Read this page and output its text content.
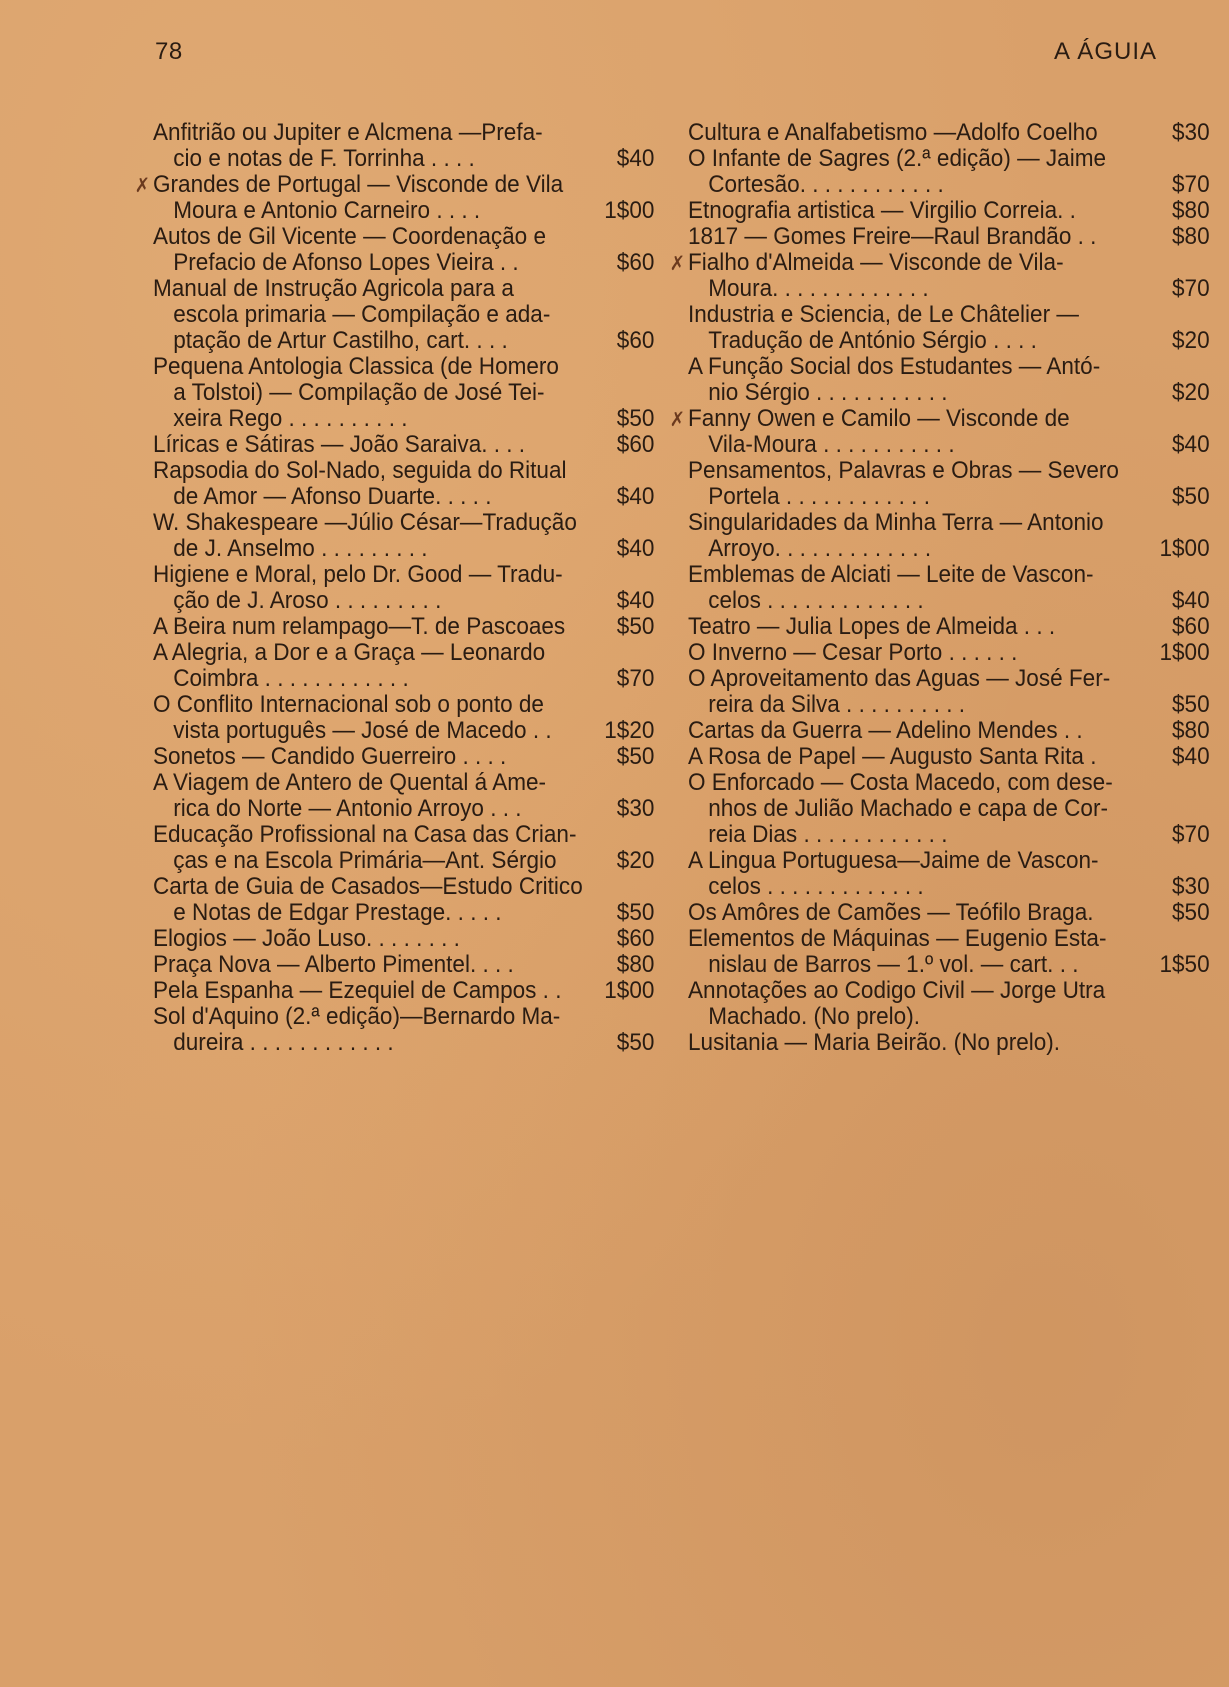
78	A ÁGUIA
Anfitrião ou Jupiter e Alcmena —Prefa-
cio e notas de F. Torrinha . . . .	$40
✗ Grandes de Portugal — Visconde de Vila
Moura e Antonio Carneiro . . . .	1$00
Autos de Gil Vicente — Coordenação e
Prefacio de Afonso Lopes Vieira . .	$60
Manual de Instrução Agricola para a
escola primaria — Compilação e ada-
ptação de Artur Castilho, cart. . . .	$60
Pequena Antologia Classica (de Homero
a Tolstoi) — Compilação de José Tei-
xeira Rego . . . . . . . . . .	$50
Líricas e Sátiras — João Saraiva. . . .	$60
Rapsodia do Sol-Nado, seguida do Ritual
de Amor — Afonso Duarte. . . . .	$40
W. Shakespeare —Júlio César—Tradução
de J. Anselmo . . . . . . . . .	$40
Higiene e Moral, pelo Dr. Good — Tradu-
ção de J. Aroso . . . . . . . . .	$40
A Beira num relampago—T. de Pascoaes $50
A Alegria, a Dor e a Graça — Leonardo
Coimbra . . . . . . . . . . . .	$70
O Conflito Internacional sob o ponto de
vista português — José de Macedo . . 1$20
Sonetos — Candido Guerreiro . . . .	$50
A Viagem de Antero de Quental á Ame-
rica do Norte — Antonio Arroyo . . .	$30
Educação Profissional na Casa das Crian-
ças e na Escola Primária—Ant. Sérgio $20
Carta de Guia de Casados—Estudo Critico
e Notas de Edgar Prestage. . . . .	$50
Elogios — João Luso. . . . . . . .	$60
Praça Nova — Alberto Pimentel. . . .	$80
Pela Espanha — Ezequiel de Campos . . 1$00
Sol d'Aquino (2.ª edição)—Bernardo Ma-
dureira . . . . . . . . . . . .	$50
Cultura e Analfabetismo —Adolfo Coelho	$30
O Infante de Sagres (2.ª edição) — Jaime
Cortesão. . . . . . . . . . . .	$70
Etnografia artistica — Virgilio Correia. .	$80
1817 — Gomes Freire—Raul Brandão . .	$80
✗ Fialho d'Almeida — Visconde de Vila-
Moura. . . . . . . . . . . . .	$70
Industria e Sciencia, de Le Châtelier —
Tradução de António Sérgio . . . .	$20
A Função Social dos Estudantes — Antó-
nio Sérgio . . . . . . . . . . .	$20
✗ Fanny Owen e Camilo — Visconde de
Vila-Moura . . . . . . . . . . .	$40
Pensamentos, Palavras e Obras — Severo
Portela . . . . . . . . . . . .	$50
Singularidades da Minha Terra — Antonio
Arroyo. . . . . . . . . . . . .	1$00
Emblemas de Alciati — Leite de Vascon-
celos . . . . . . . . . . . . .	$40
Teatro — Julia Lopes de Almeida . . .	$60
O Inverno — Cesar Porto . . . . . .	1$00
O Aproveitamento das Aguas — José Fer-
reira da Silva . . . . . . . . . .	$50
Cartas da Guerra — Adelino Mendes . .	$80
A Rosa de Papel — Augusto Santa Rita .	$40
O Enforcado — Costa Macedo, com dese-
nhos de Julião Machado e capa de Cor-
reia Dias . . . . . . . . . . . .	$70
A Lingua Portuguesa—Jaime de Vascon-
celos . . . . . . . . . . . . .	$30
Os Amôres de Camões — Teófilo Braga.	$50
Elementos de Máquinas — Eugenio Esta-
nislau de Barros — 1.º vol. — cart. . .	1$50
Annotações ao Codigo Civil — Jorge Utra
Machado. (No prelo).
Lusitania — Maria Beirão. (No prelo).
